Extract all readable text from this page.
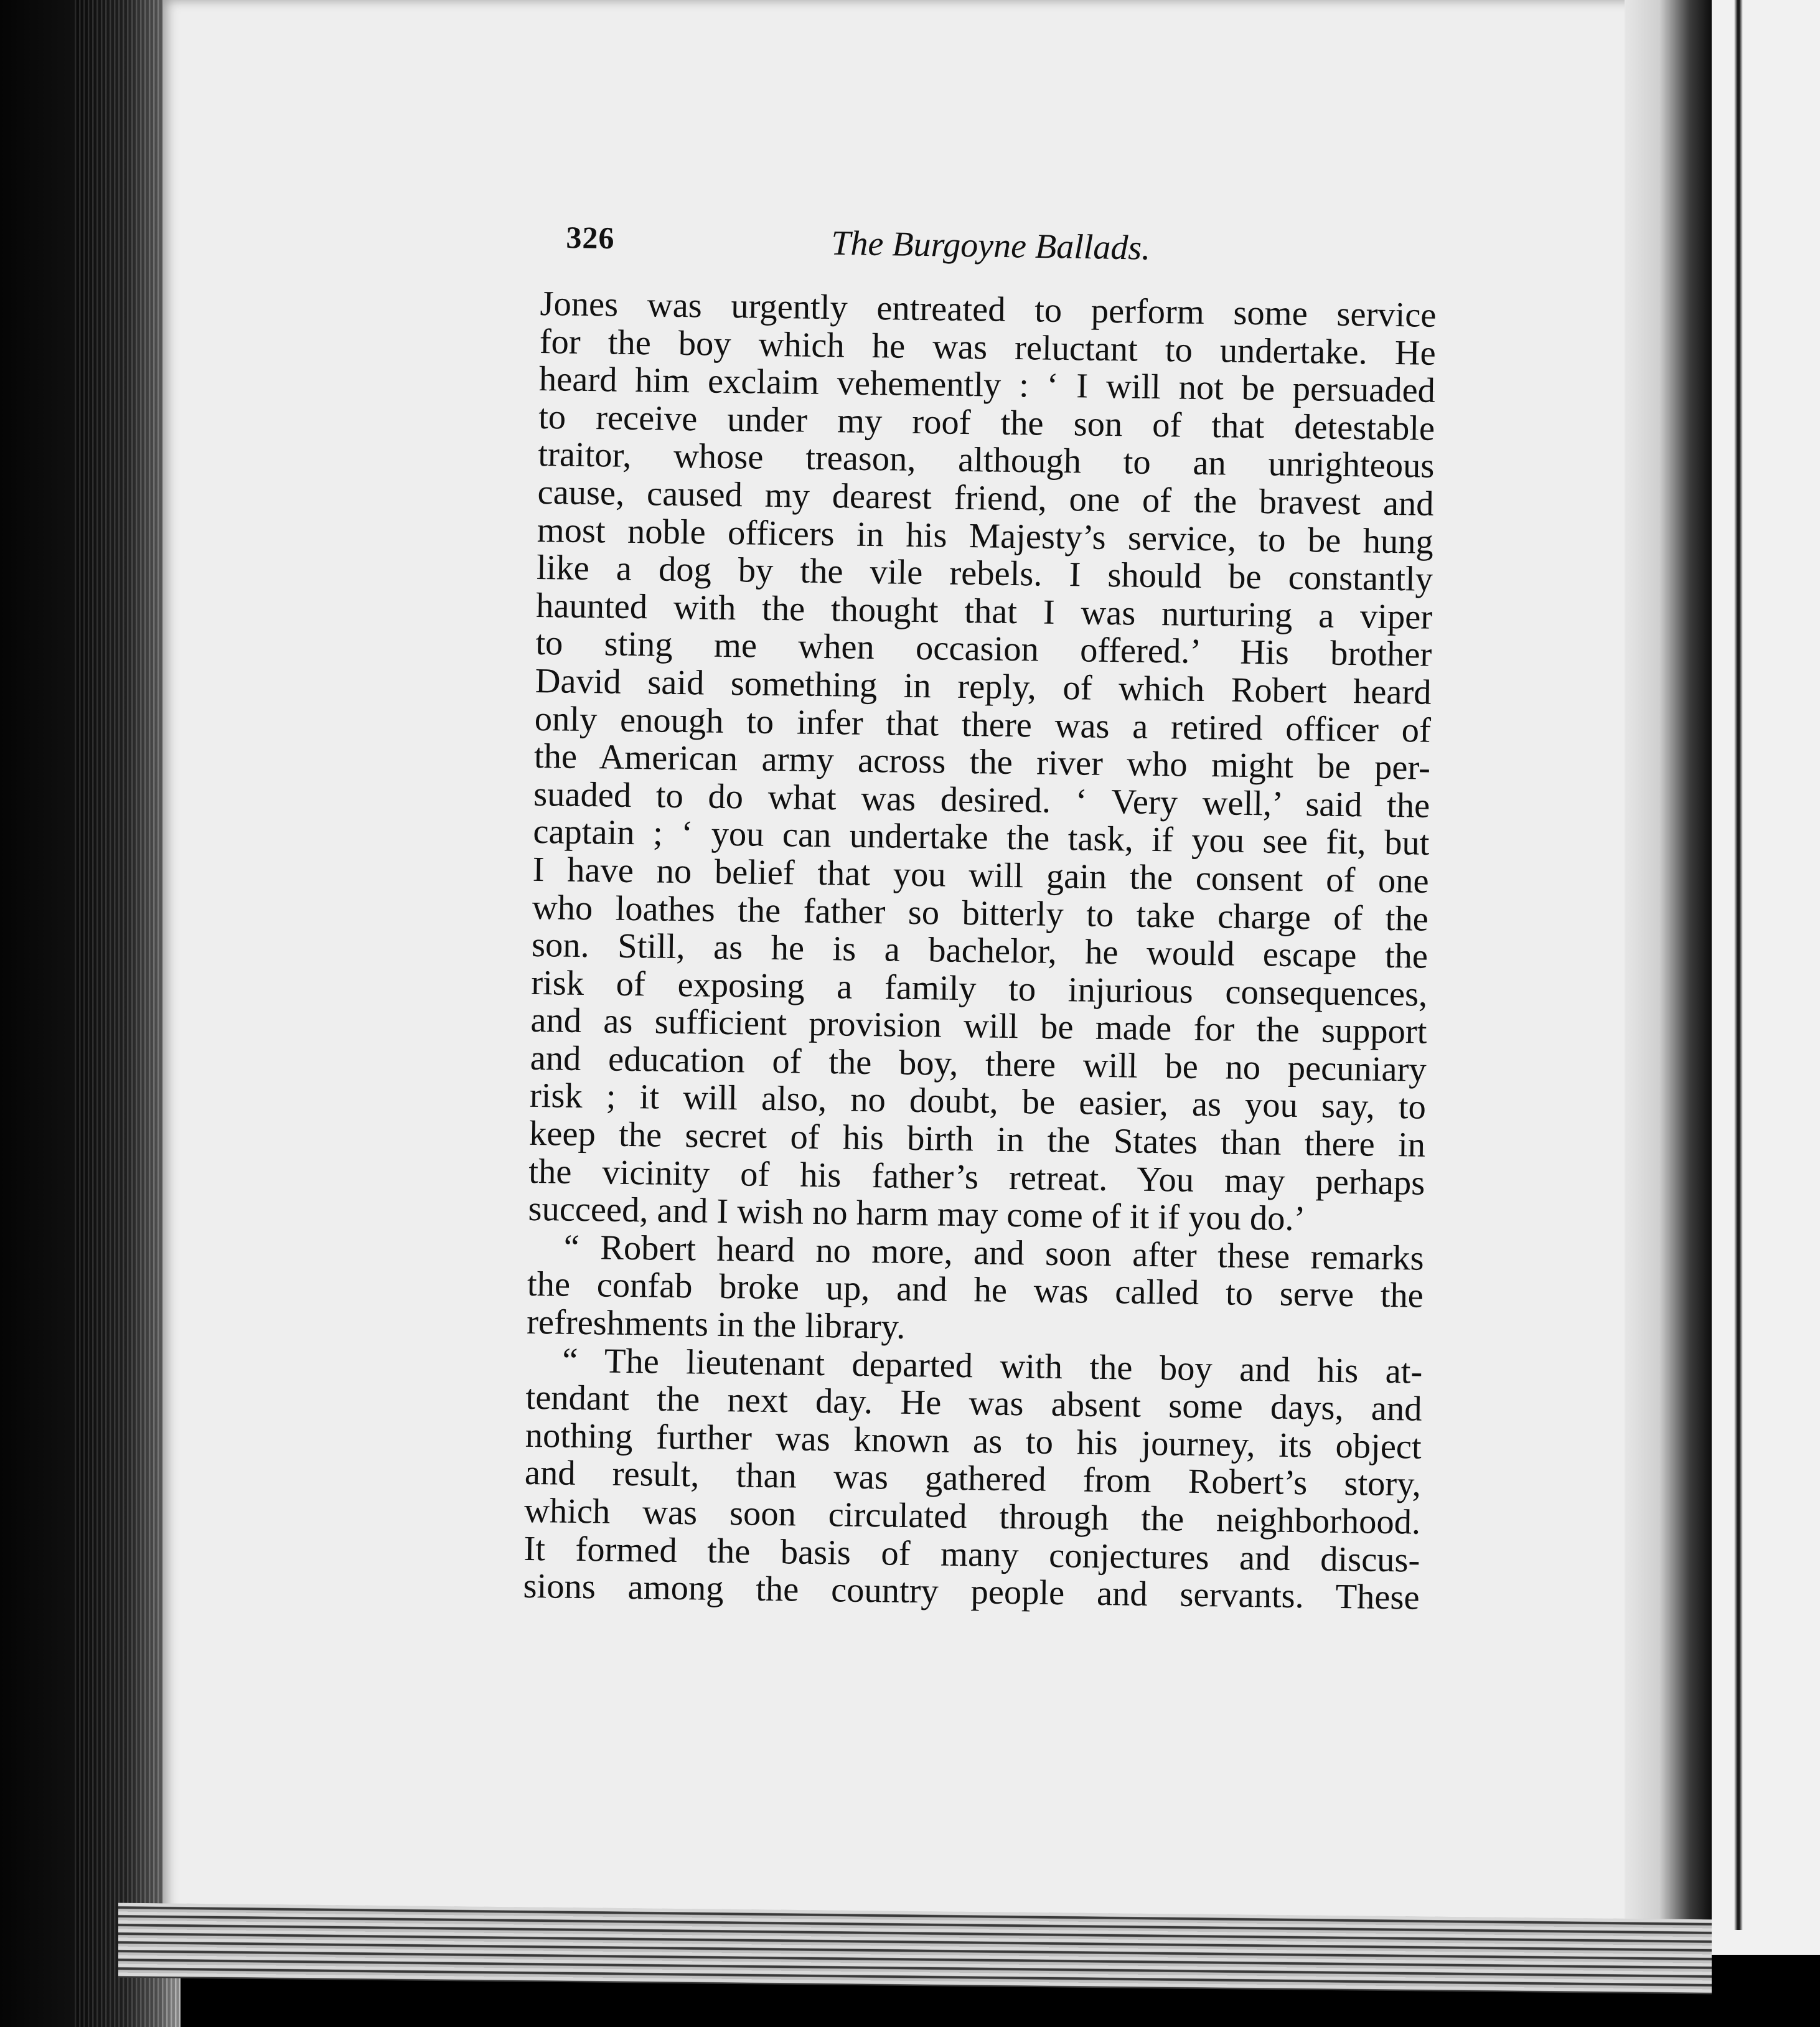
326	The Burgoyne Ballads.
Jones was urgently entreated to perform some service
for the boy which he was reluctant to undertake. He
heard him exclaim vehemently : ‘ I will not be persuaded
to receive under my roof the son of that detestable
traitor, whose treason, although to an unrighteous
cause, caused my dearest friend, one of the bravest and
most noble officers in his Majesty’s service, to be hung
like a dog by the vile rebels. I should be constantly
haunted with the thought that I was nurturing a viper
to sting me when occasion offered.’ His brother
David said something in reply, of which Robert heard
only enough to infer that there was a retired officer of
the American army across the river who might be per-
suaded to do what was desired. ‘ Very well,’ said the
captain ; ‘ you can undertake the task, if you see fit, but
I have no belief that you will gain the consent of one
who loathes the father so bitterly to take charge of the
son. Still, as he is a bachelor, he would escape the
risk of exposing a family to injurious consequences,
and as sufficient provision will be made for the support
and education of the boy, there will be no pecuniary
risk ; it will also, no doubt, be easier, as you say, to
keep the secret of his birth in the States than there in
the vicinity of his father’s retreat. You may perhaps
succeed, and I wish no harm may come of it if you do.’
“ Robert heard no more, and soon after these remarks
the confab broke up, and he was called to serve the
refreshments in the library.
“ The lieutenant departed with the boy and his at-
tendant the next day. He was absent some days, and
nothing further was known as to his journey, its object
and result, than was gathered from Robert’s story,
which was soon circulated through the neighborhood.
It formed the basis of many conjectures and discus-
sions among the country people and servants. These
